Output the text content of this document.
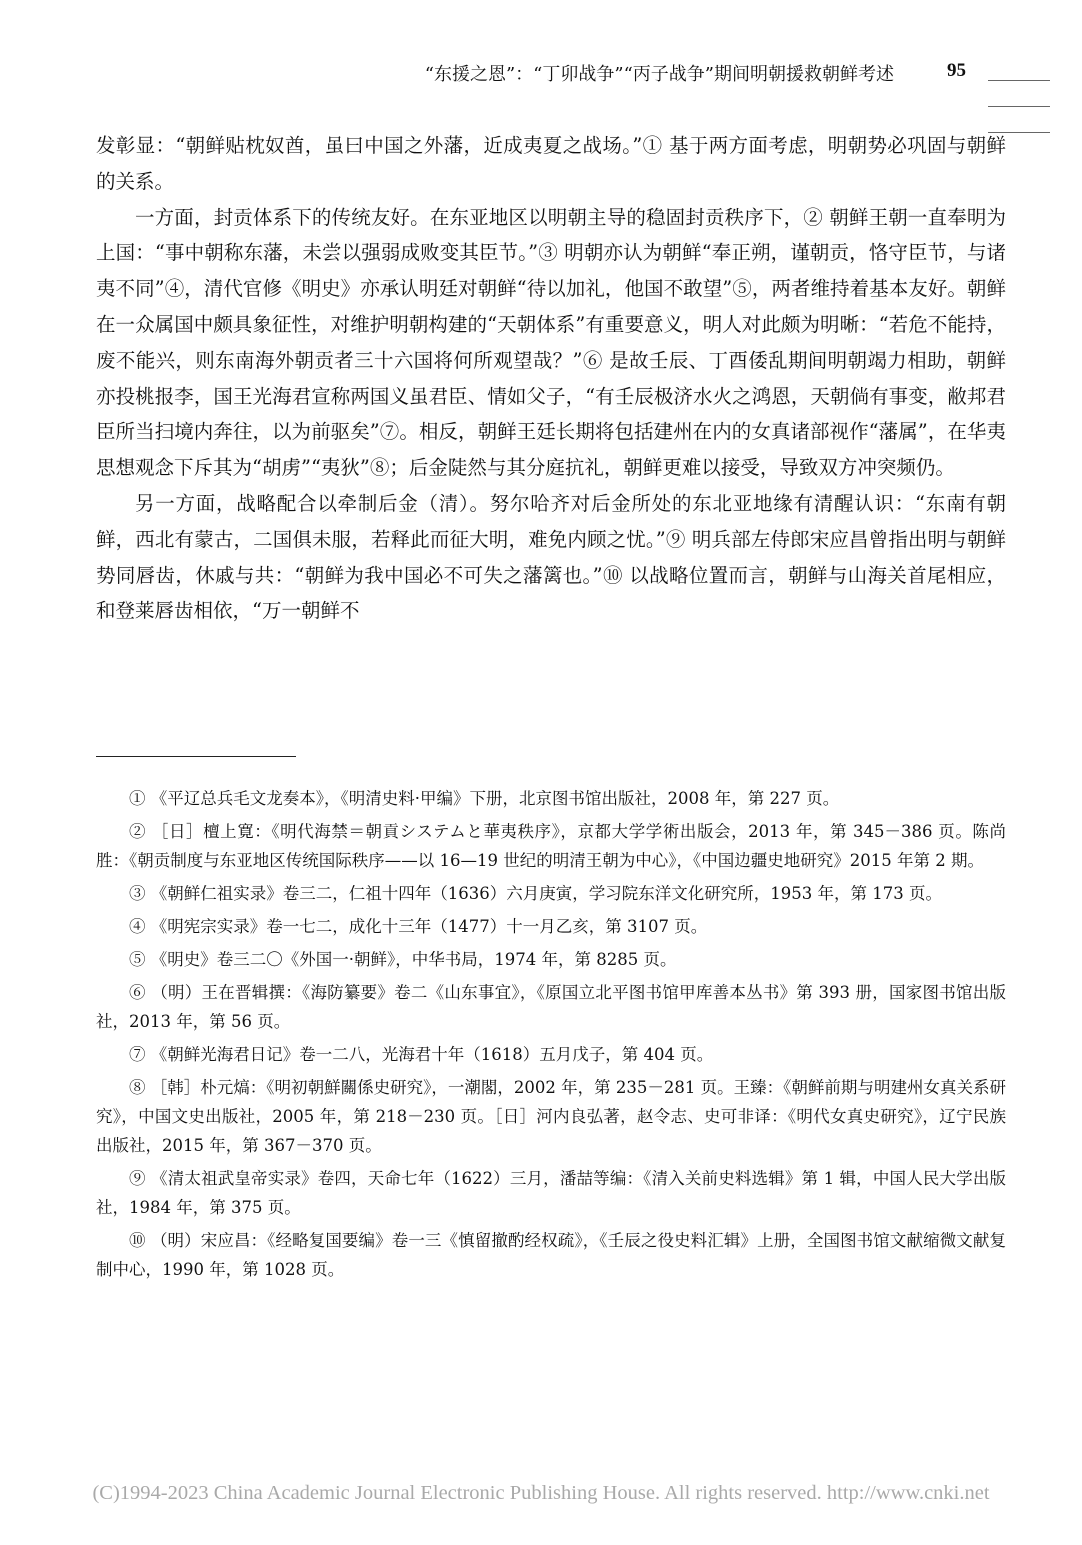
“东援之恩”：“丁卯战争”“丙子战争”期间明朝援救朝鲜考述	95

发彰显：“朝鲜贴枕奴酋，虽曰中国之外藩，近成夷夏之战场。”① 基于两方面考虑，明朝势必巩固与朝鲜的关系。

一方面，封贡体系下的传统友好。在东亚地区以明朝主导的稳固封贡秩序下，② 朝鲜王朝一直奉明为上国：“事中朝称东藩，未尝以强弱成败变其臣节。”③ 明朝亦认为朝鲜“奉正朔，谨朝贡，恪守臣节，与诸夷不同”④，清代官修《明史》亦承认明廷对朝鲜“待以加礼，他国不敢望”⑤，两者维持着基本友好。朝鲜在一众属国中颇具象征性，对维护明朝构建的“天朝体系”有重要意义，明人对此颇为明晰：“若危不能持，废不能兴，则东南海外朝贡者三十六国将何所观望哉？”⑥ 是故壬辰、丁酉倭乱期间明朝竭力相助，朝鲜亦投桃报李，国王光海君宣称两国义虽君臣、情如父子，“有壬辰极济水火之鸿恩，天朝倘有事变，敝邦君臣所当扫境内奔往，以为前驱矣”⑦。相反，朝鲜王廷长期将包括建州在内的女真诸部视作“藩属”，在华夷思想观念下斥其为“胡虏”“夷狄”⑧；后金陡然与其分庭抗礼，朝鲜更难以接受，导致双方冲突频仍。

另一方面，战略配合以牵制后金（清）。努尔哈齐对后金所处的东北亚地缘有清醒认识：“东南有朝鲜，西北有蒙古，二国俱未服，若释此而征大明，难免内顾之忧。”⑨ 明兵部左侍郎宋应昌曾指出明与朝鲜势同唇齿，休戚与共：“朝鲜为我中国必不可失之藩篱也。”⑩ 以战略位置而言，朝鲜与山海关首尾相应，和登莱唇齿相依，“万一朝鲜不

① 《平辽总兵毛文龙奏本》，《明清史料·甲编》下册，北京图书馆出版社，2008 年，第 227 页。

② ［日］檀上寛：《明代海禁＝朝貢システムと華夷秩序》，京都大学学術出版会，2013 年，第 345－386 页。陈尚胜：《朝贡制度与东亚地区传统国际秩序——以 16—19 世纪的明清王朝为中心》，《中国边疆史地研究》2015 年第 2 期。

③ 《朝鲜仁祖实录》卷三二，仁祖十四年（1636）六月庚寅，学习院东洋文化研究所，1953 年，第 173 页。

④ 《明宪宗实录》卷一七二，成化十三年（1477）十一月乙亥，第 3107 页。

⑤ 《明史》卷三二〇《外国一·朝鲜》，中华书局，1974 年，第 8285 页。

⑥ （明）王在晋辑撰：《海防纂要》卷二《山东事宜》，《原国立北平图书馆甲库善本丛书》第 393 册，国家图书馆出版社，2013 年，第 56 页。

⑦ 《朝鲜光海君日记》卷一二八，光海君十年（1618）五月戊子，第 404 页。

⑧ ［韩］朴元熇：《明初朝鮮關係史研究》，一潮閣，2002 年，第 235－281 页。王臻：《朝鲜前期与明建州女真关系研究》，中国文史出版社，2005 年，第 218－230 页。［日］河内良弘著，赵令志、史可非译：《明代女真史研究》，辽宁民族出版社，2015 年，第 367－370 页。

⑨ 《清太祖武皇帝实录》卷四，天命七年（1622）三月，潘喆等编：《清入关前史料选辑》第 1 辑，中国人民大学出版社，1984 年，第 375 页。

⑩ （明）宋应昌：《经略复国要编》卷一三《慎留撤酌经权疏》，《壬辰之役史料汇辑》上册，全国图书馆文献缩微文献复制中心，1990 年，第 1028 页。

(C)1994-2023 China Academic Journal Electronic Publishing House. All rights reserved. http://www.cnki.net
